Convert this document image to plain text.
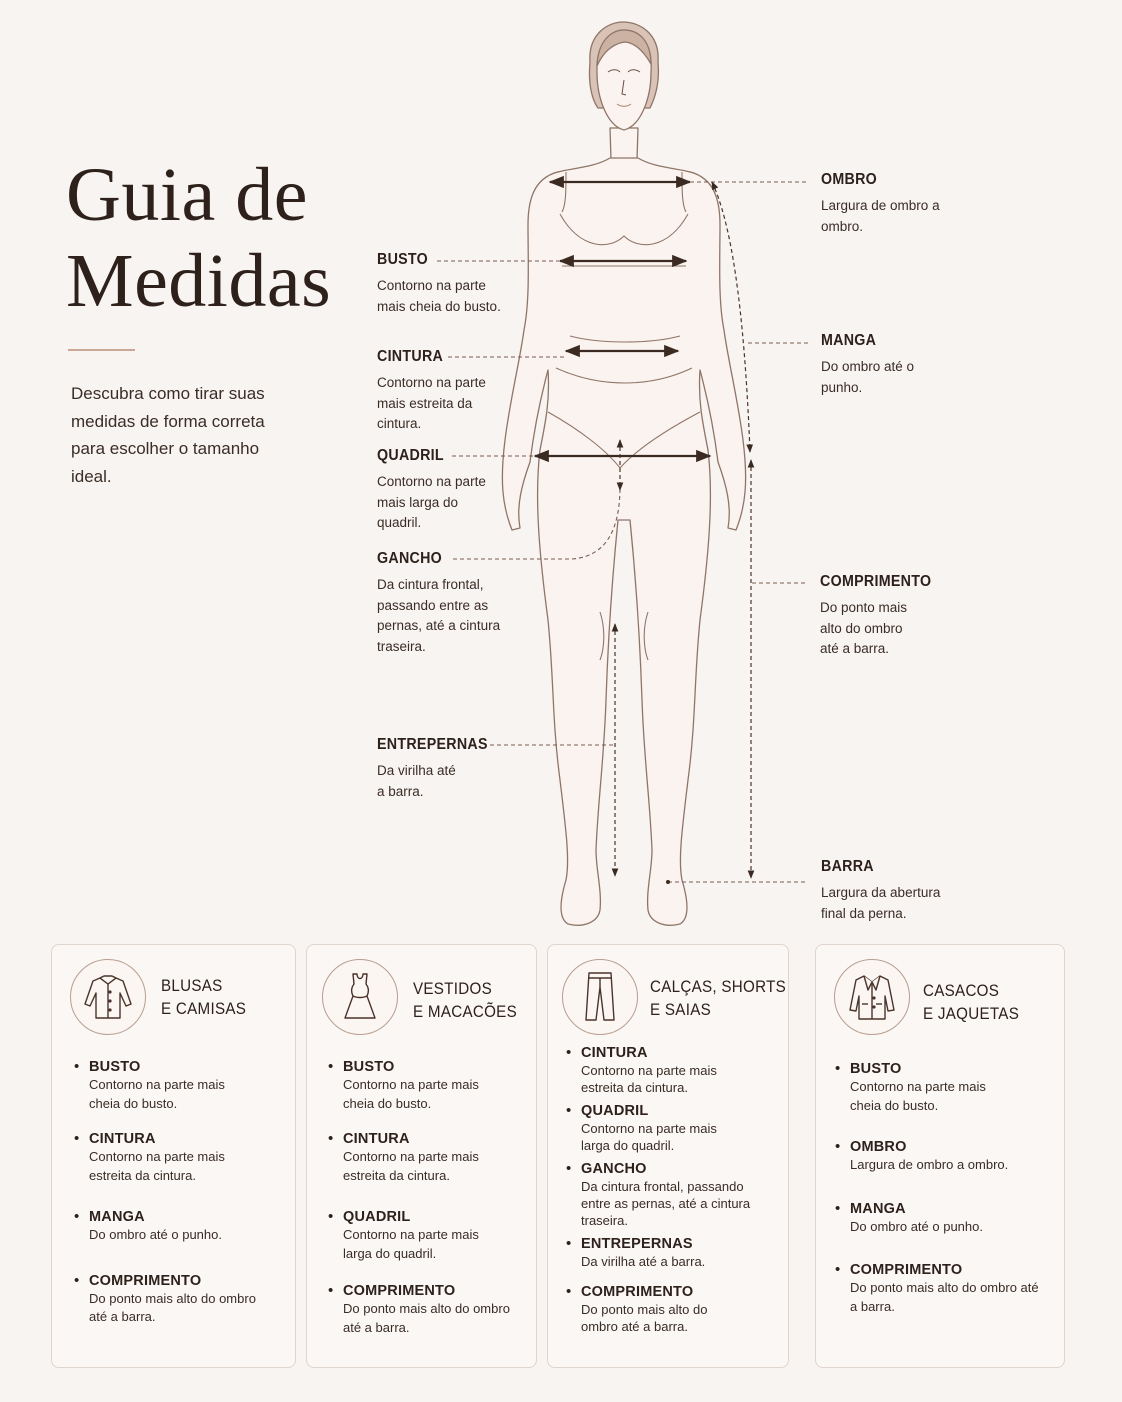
Guia de
Medidas
Descubra como tirar suas medidas de forma correta para escolher o tamanho ideal.
OMBRO
Largura de ombro a ombro.
BUSTO
Contorno na parte mais cheia do busto.
MANGA
Do ombro até o punho.
CINTURA
Contorno na parte mais estreita da cintura.
QUADRIL
Contorno na parte mais larga do quadril.
GANCHO
Da cintura frontal, passando entre as pernas, até a cintura traseira.
COMPRIMENTO
Do ponto mais alto do ombro até a barra.
ENTREPERNAS
Da virilha até a barra.
BARRA
Largura da abertura final da perna.
BLUSAS
E CAMISAS
• BUSTO
Contorno na parte mais cheia do busto.
• CINTURA
Contorno na parte mais estreita da cintura.
• MANGA
Do ombro até o punho.
• COMPRIMENTO
Do ponto mais alto do ombro até a barra.
VESTIDOS
E MACACÕES
• BUSTO
Contorno na parte mais cheia do busto.
• CINTURA
Contorno na parte mais estreita da cintura.
• QUADRIL
Contorno na parte mais larga do quadril.
• COMPRIMENTO
Do ponto mais alto do ombro até a barra.
CALÇAS, SHORTS
E SAIAS
• CINTURA
Contorno na parte mais estreita da cintura.
• QUADRIL
Contorno na parte mais larga do quadril.
• GANCHO
Da cintura frontal, passando entre as pernas, até a cintura traseira.
• ENTREPERNAS
Da virilha até a barra.
• COMPRIMENTO
Do ponto mais alto do ombro até a barra.
CASACOS
E JAQUETAS
• BUSTO
Contorno na parte mais cheia do busto.
• OMBRO
Largura de ombro a ombro.
• MANGA
Do ombro até o punho.
• COMPRIMENTO
Do ponto mais alto do ombro até a barra.
